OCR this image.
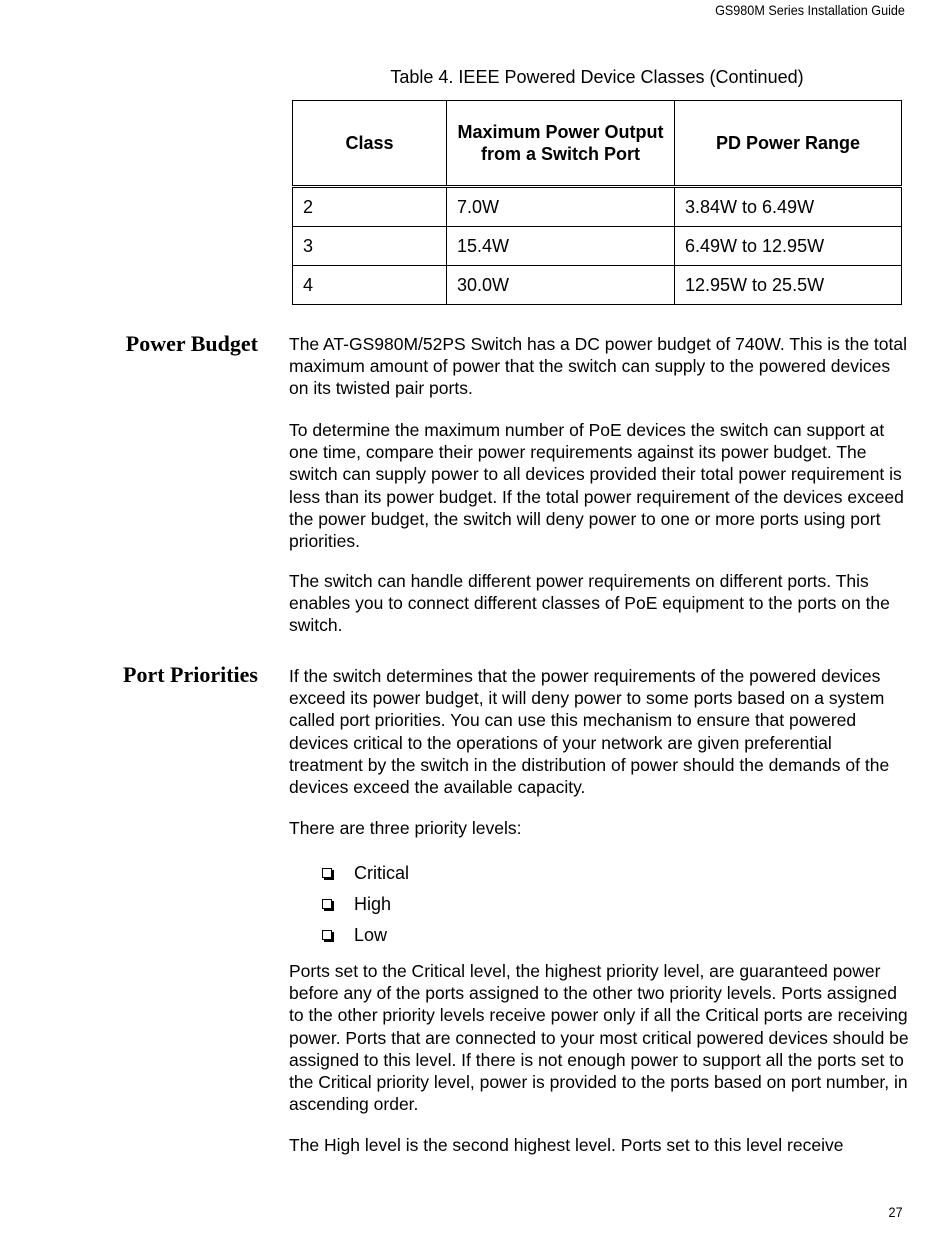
GS980M Series Installation Guide
Table 4. IEEE Powered Device Classes (Continued)
Class	Maximum Power Output from a Switch Port	PD Power Range
2	7.0W	3.84W to 6.49W
3	15.4W	6.49W to 12.95W
4	30.0W	12.95W to 25.5W
Power Budget The AT-GS980M/52PS Switch has a DC power budget of 740W. This is the total maximum amount of power that the switch can supply to the powered devices on its twisted pair ports.

To determine the maximum number of PoE devices the switch can support at one time, compare their power requirements against its power budget. The switch can supply power to all devices provided their total power requirement is less than its power budget. If the total power requirement of the devices exceed the power budget, the switch will deny power to one or more ports using port priorities.

The switch can handle different power requirements on different ports. This enables you to connect different classes of PoE equipment to the ports on the switch.

Port Priorities If the switch determines that the power requirements of the powered devices exceed its power budget, it will deny power to some ports based on a system called port priorities. You can use this mechanism to ensure that powered devices critical to the operations of your network are given preferential treatment by the switch in the distribution of power should the demands of the devices exceed the available capacity.

There are three priority levels:

Critical
High
Low

Ports set to the Critical level, the highest priority level, are guaranteed power before any of the ports assigned to the other two priority levels. Ports assigned to the other priority levels receive power only if all the Critical ports are receiving power. Ports that are connected to your most critical powered devices should be assigned to this level. If there is not enough power to support all the ports set to the Critical priority level, power is provided to the ports based on port number, in ascending order.

The High level is the second highest level. Ports set to this level receive

27
